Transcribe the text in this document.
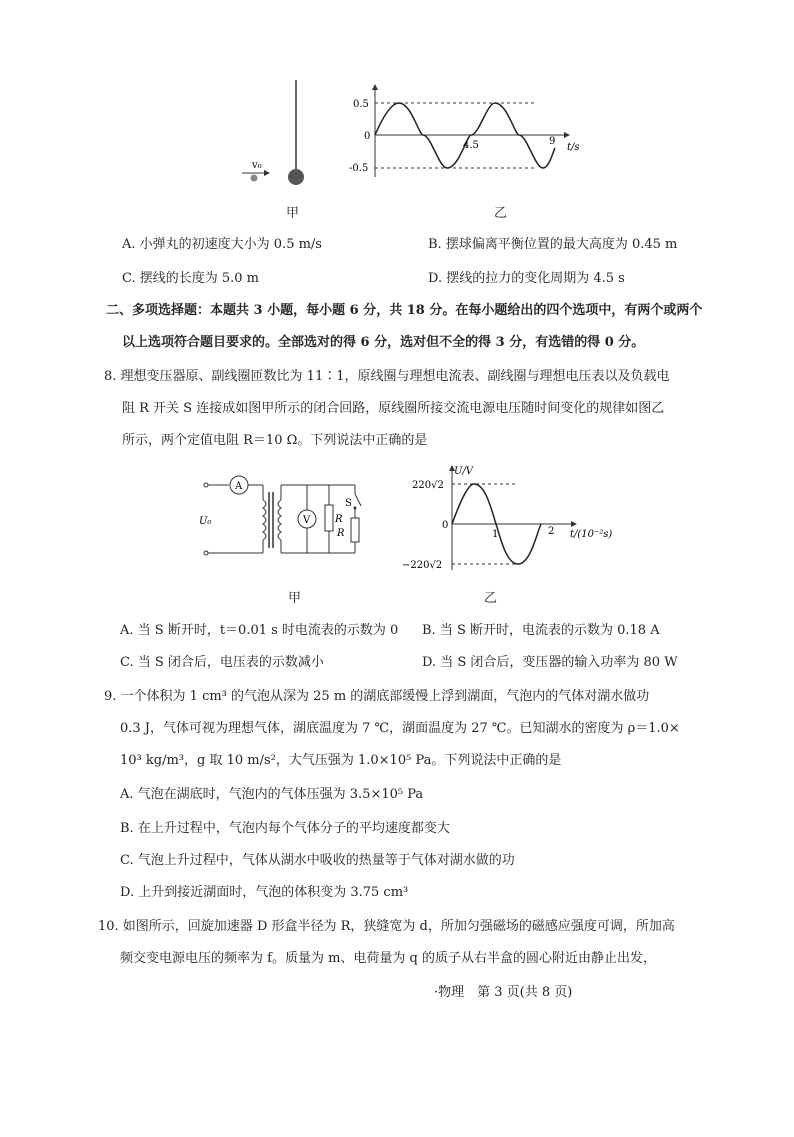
v₀
0.5
0
-0.5
4.5	9
t/s
甲	乙
A. 小弹丸的初速度大小为 0.5 m/s	B. 摆球偏离平衡位置的最大高度为 0.45 m
C. 摆线的长度为 5.0 m	D. 摆线的拉力的变化周期为 4.5 s
二、多项选择题：本题共 3 小题，每小题 6 分，共 18 分。在每小题给出的四个选项中，有两个或两个
以上选项符合题目要求的。全部选对的得 6 分，选对但不全的得 3 分，有选错的得 0 分。
8. 理想变压器原、副线圈匝数比为 11∶1，原线圈与理想电流表、副线圈与理想电压表以及负载电
阻 R 开关 S 连接成如图甲所示的闭合回路，原线圈所接交流电源电压随时间变化的规律如图乙
所示，两个定值电阻 R＝10 Ω。下列说法中正确的是
A
V R
S
R
U₀
U/V
220√2
0
−220√2
1	2 t/(10⁻²s)
甲	乙
A. 当 S 断开时，t＝0.01 s 时电流表的示数为 0 B. 当 S 断开时，电流表的示数为 0.18 A
C. 当 S 闭合后，电压表的示数减小	D. 当 S 闭合后，变压器的输入功率为 80 W
9. 一个体积为 1 cm³ 的气泡从深为 25 m 的湖底部缓慢上浮到湖面，气泡内的气体对湖水做功
0.3 J，气体可视为理想气体，湖底温度为 7 ℃，湖面温度为 27 ℃。已知湖水的密度为 ρ＝1.0×
10³ kg/m³，g 取 10 m/s²，大气压强为 1.0×10⁵ Pa。下列说法中正确的是
A. 气泡在湖底时，气泡内的气体压强为 3.5×10⁵ Pa
B. 在上升过程中，气泡内每个气体分子的平均速度都变大
C. 气泡上升过程中，气体从湖水中吸收的热量等于气体对湖水做的功
D. 上升到接近湖面时，气泡的体积变为 3.75 cm³
10. 如图所示，回旋加速器 D 形盒半径为 R，狭缝宽为 d，所加匀强磁场的磁感应强度可调，所加高
频交变电源电压的频率为 f。质量为 m、电荷量为 q 的质子从右半盒的圆心附近由静止出发，
·物理　第 3 页(共 8 页)
